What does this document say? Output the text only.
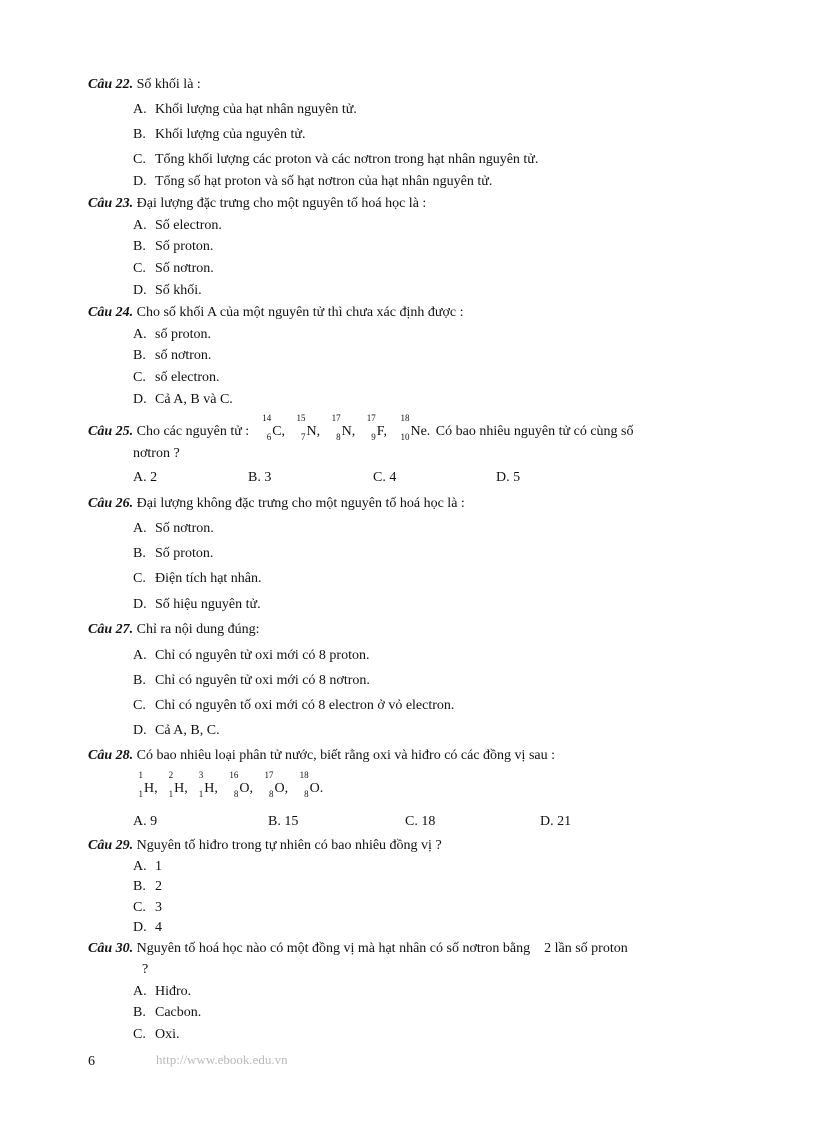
Câu 22. Số khối là :
A. Khối lượng của hạt nhân nguyên tử.
B. Khối lượng của nguyên tử.
C. Tổng khối lượng các proton và các nơtron trong hạt nhân nguyên tử.
D. Tổng số hạt proton và số hạt nơtron của hạt nhân nguyên tử.
Câu 23. Đại lượng đặc trưng cho một nguyên tố hoá học là :
A. Số electron.
B. Số proton.
C. Số nơtron.
D. Số khối.
Câu 24. Cho số khối A của một nguyên tử thì chưa xác định được :
A. số proton.
B. số nơtron.
C. số electron.
D. Cả A, B và C.
Câu 25. Cho các nguyên tử :
14
6 C,
15
7 N,
17
8 N,
17
9 F,
18
10 Ne. Có bao nhiêu nguyên tử có cùng số
nơtron ?
A. 2	B. 3	C. 4	D. 5
Câu 26. Đại lượng không đặc trưng cho một nguyên tố hoá học là :
A. Số nơtron.
B. Số proton.
C. Điện tích hạt nhân.
D. Số hiệu nguyên tử.
Câu 27. Chỉ ra nội dung đúng:
A. Chỉ có nguyên tử oxi mới có 8 proton.
B. Chỉ có nguyên tử oxi mới có 8 nơtron.
C. Chỉ có nguyên tố oxi mới có 8 electron ở vỏ electron.
D. Cả A, B, C.
Câu 28. Có bao nhiêu loại phân tử nước, biết rằng oxi và hiđro có các đồng vị sau :
1
1 H,
2
1 H,
3
1 H,
16
8 O,
17
8 O,
18
8 O.
A. 9	B. 15	C. 18	D. 21
Câu 29. Nguyên tố hiđro trong tự nhiên có bao nhiêu đồng vị ?
A. 1
B. 2
C. 3
D. 4
Câu 30. Nguyên tố hoá học nào có một đồng vị mà hạt nhân có số nơtron bằng    2 lần số proton
?
A. Hiđro.
B. Cacbon.
C. Oxi.
6	http://www.ebook.edu.vn
